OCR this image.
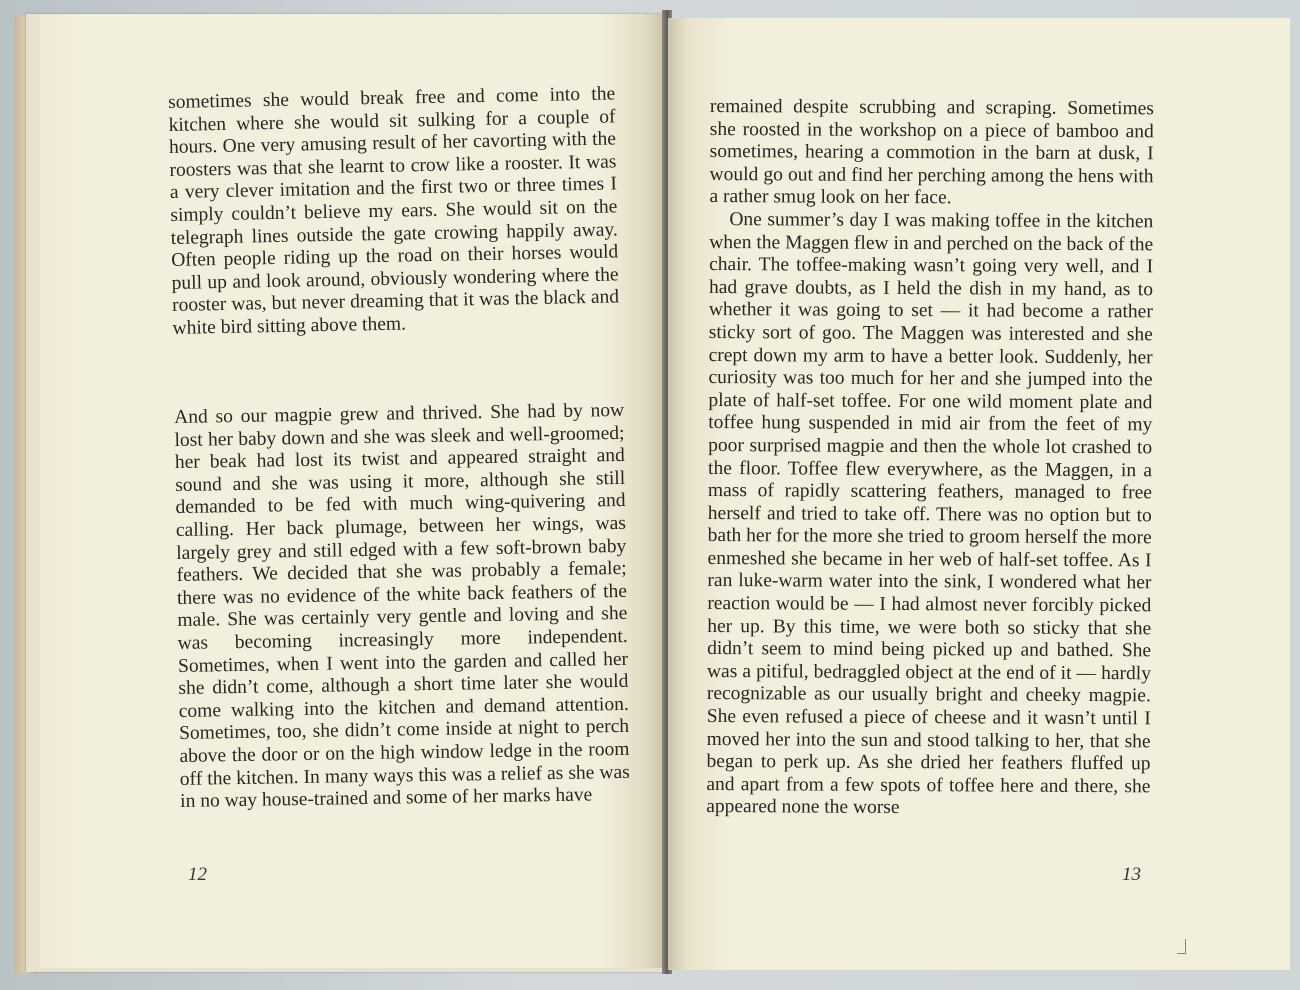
sometimes she would break free and come into the kitchen where she would sit sulking for a couple of hours. One very amusing result of her cavorting with the roosters was that she learnt to crow like a rooster. It was a very clever imitation and the first two or three times I simply couldn’t believe my ears. She would sit on the telegraph lines outside the gate crowing happily away. Often people riding up the road on their horses would pull up and look around, obviously wondering where the rooster was, but never dreaming that it was the black and white bird sitting above them.

And so our magpie grew and thrived. She had by now lost her baby down and she was sleek and well-groomed; her beak had lost its twist and appeared straight and sound and she was using it more, although she still demanded to be fed with much wing-quivering and calling. Her back plumage, between her wings, was largely grey and still edged with a few soft-brown baby feathers. We decided that she was probably a female; there was no evidence of the white back feathers of the male. She was certainly very gentle and loving and she was becoming increasingly more independent. Sometimes, when I went into the garden and called her she didn’t come, although a short time later she would come walking into the kitchen and demand attention. Sometimes, too, she didn’t come inside at night to perch above the door or on the high window ledge in the room off the kitchen. In many ways this was a relief as she was in no way house-trained and some of her marks have

12

remained despite scrubbing and scraping. Sometimes she roosted in the workshop on a piece of bamboo and sometimes, hearing a commotion in the barn at dusk, I would go out and find her perching among the hens with a rather smug look on her face.

One summer’s day I was making toffee in the kitchen when the Maggen flew in and perched on the back of the chair. The toffee-making wasn’t going very well, and I had grave doubts, as I held the dish in my hand, as to whether it was going to set — it had become a rather sticky sort of goo. The Maggen was interested and she crept down my arm to have a better look. Suddenly, her curiosity was too much for her and she jumped into the plate of half-set toffee. For one wild moment plate and toffee hung suspended in mid air from the feet of my poor surprised magpie and then the whole lot crashed to the floor. Toffee flew everywhere, as the Maggen, in a mass of rapidly scattering feathers, managed to free herself and tried to take off. There was no option but to bath her for the more she tried to groom herself the more enmeshed she became in her web of half-set toffee. As I ran luke-warm water into the sink, I wondered what her reaction would be — I had almost never forcibly picked her up. By this time, we were both so sticky that she didn’t seem to mind being picked up and bathed. She was a pitiful, bedraggled object at the end of it — hardly recognizable as our usually bright and cheeky magpie. She even refused a piece of cheese and it wasn’t until I moved her into the sun and stood talking to her, that she began to perk up. As she dried her feathers fluffed up and apart from a few spots of toffee here and there, she appeared none the worse

13
